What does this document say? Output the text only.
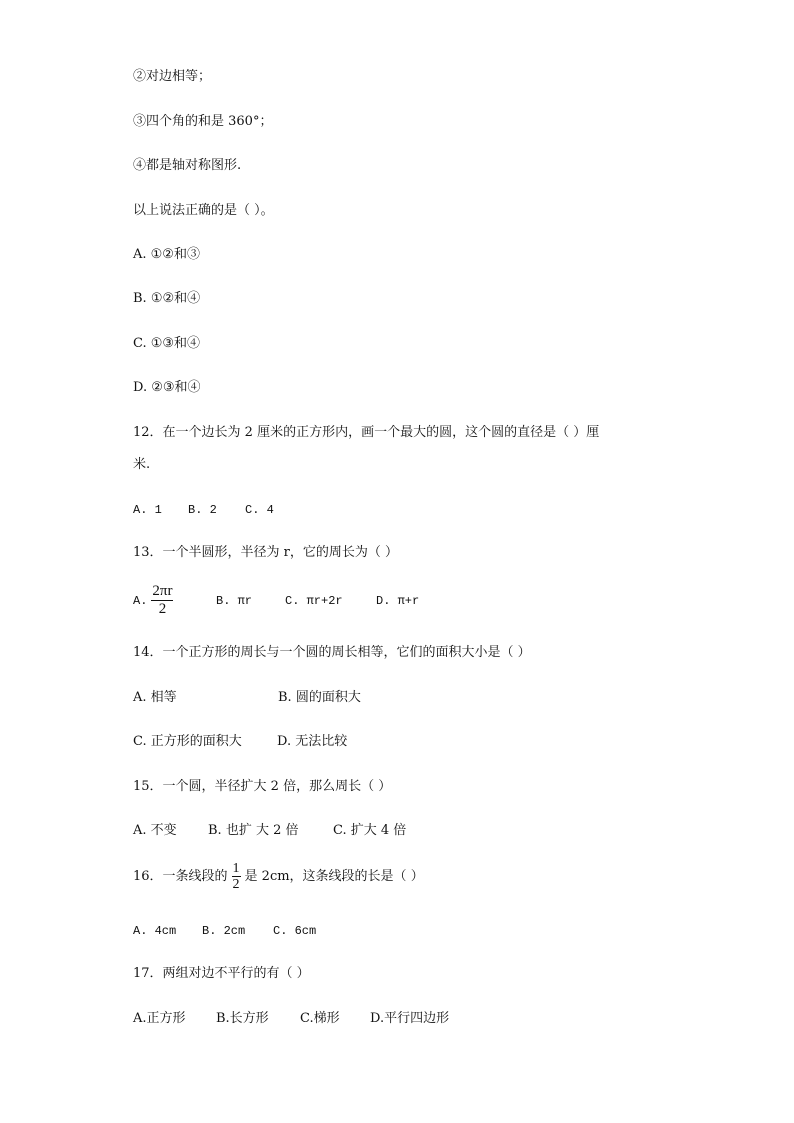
②对边相等；
③四个角的和是 360°；
④都是轴对称图形.
以上说法正确的是（ ）。
A. ①②和③
B. ①②和④
C. ①③和④
D. ②③和④
12．在一个边长为 2 厘米的正方形内，画一个最大的圆，这个圆的直径是（ ）厘
米.
A. 1 B. 2 C. 4
13．一个半圆形，半径为 r，它的周长为（ ）
A. $\frac{2\pi r}{2}$	B. πr	C. πr+2r	D. π+r
14．一个正方形的周长与一个圆的周长相等，它们的面积大小是（ ）
A. 相等	B. 圆的面积大
C. 正方形的面积大	D. 无法比较
15．一个圆，半径扩大 2 倍，那么周长（ ）
A. 不变 B. 也扩 大 2 倍	C. 扩大 4 倍
16．一条线段的 $\frac{1}{2}$ 是 2cm，这条线段的长是（ ）
A. 4cm B. 2cm C. 6cm
17．两组对边不平行的有（ ）
A.正方形 B.长方形 C.梯形 D.平行四边形
